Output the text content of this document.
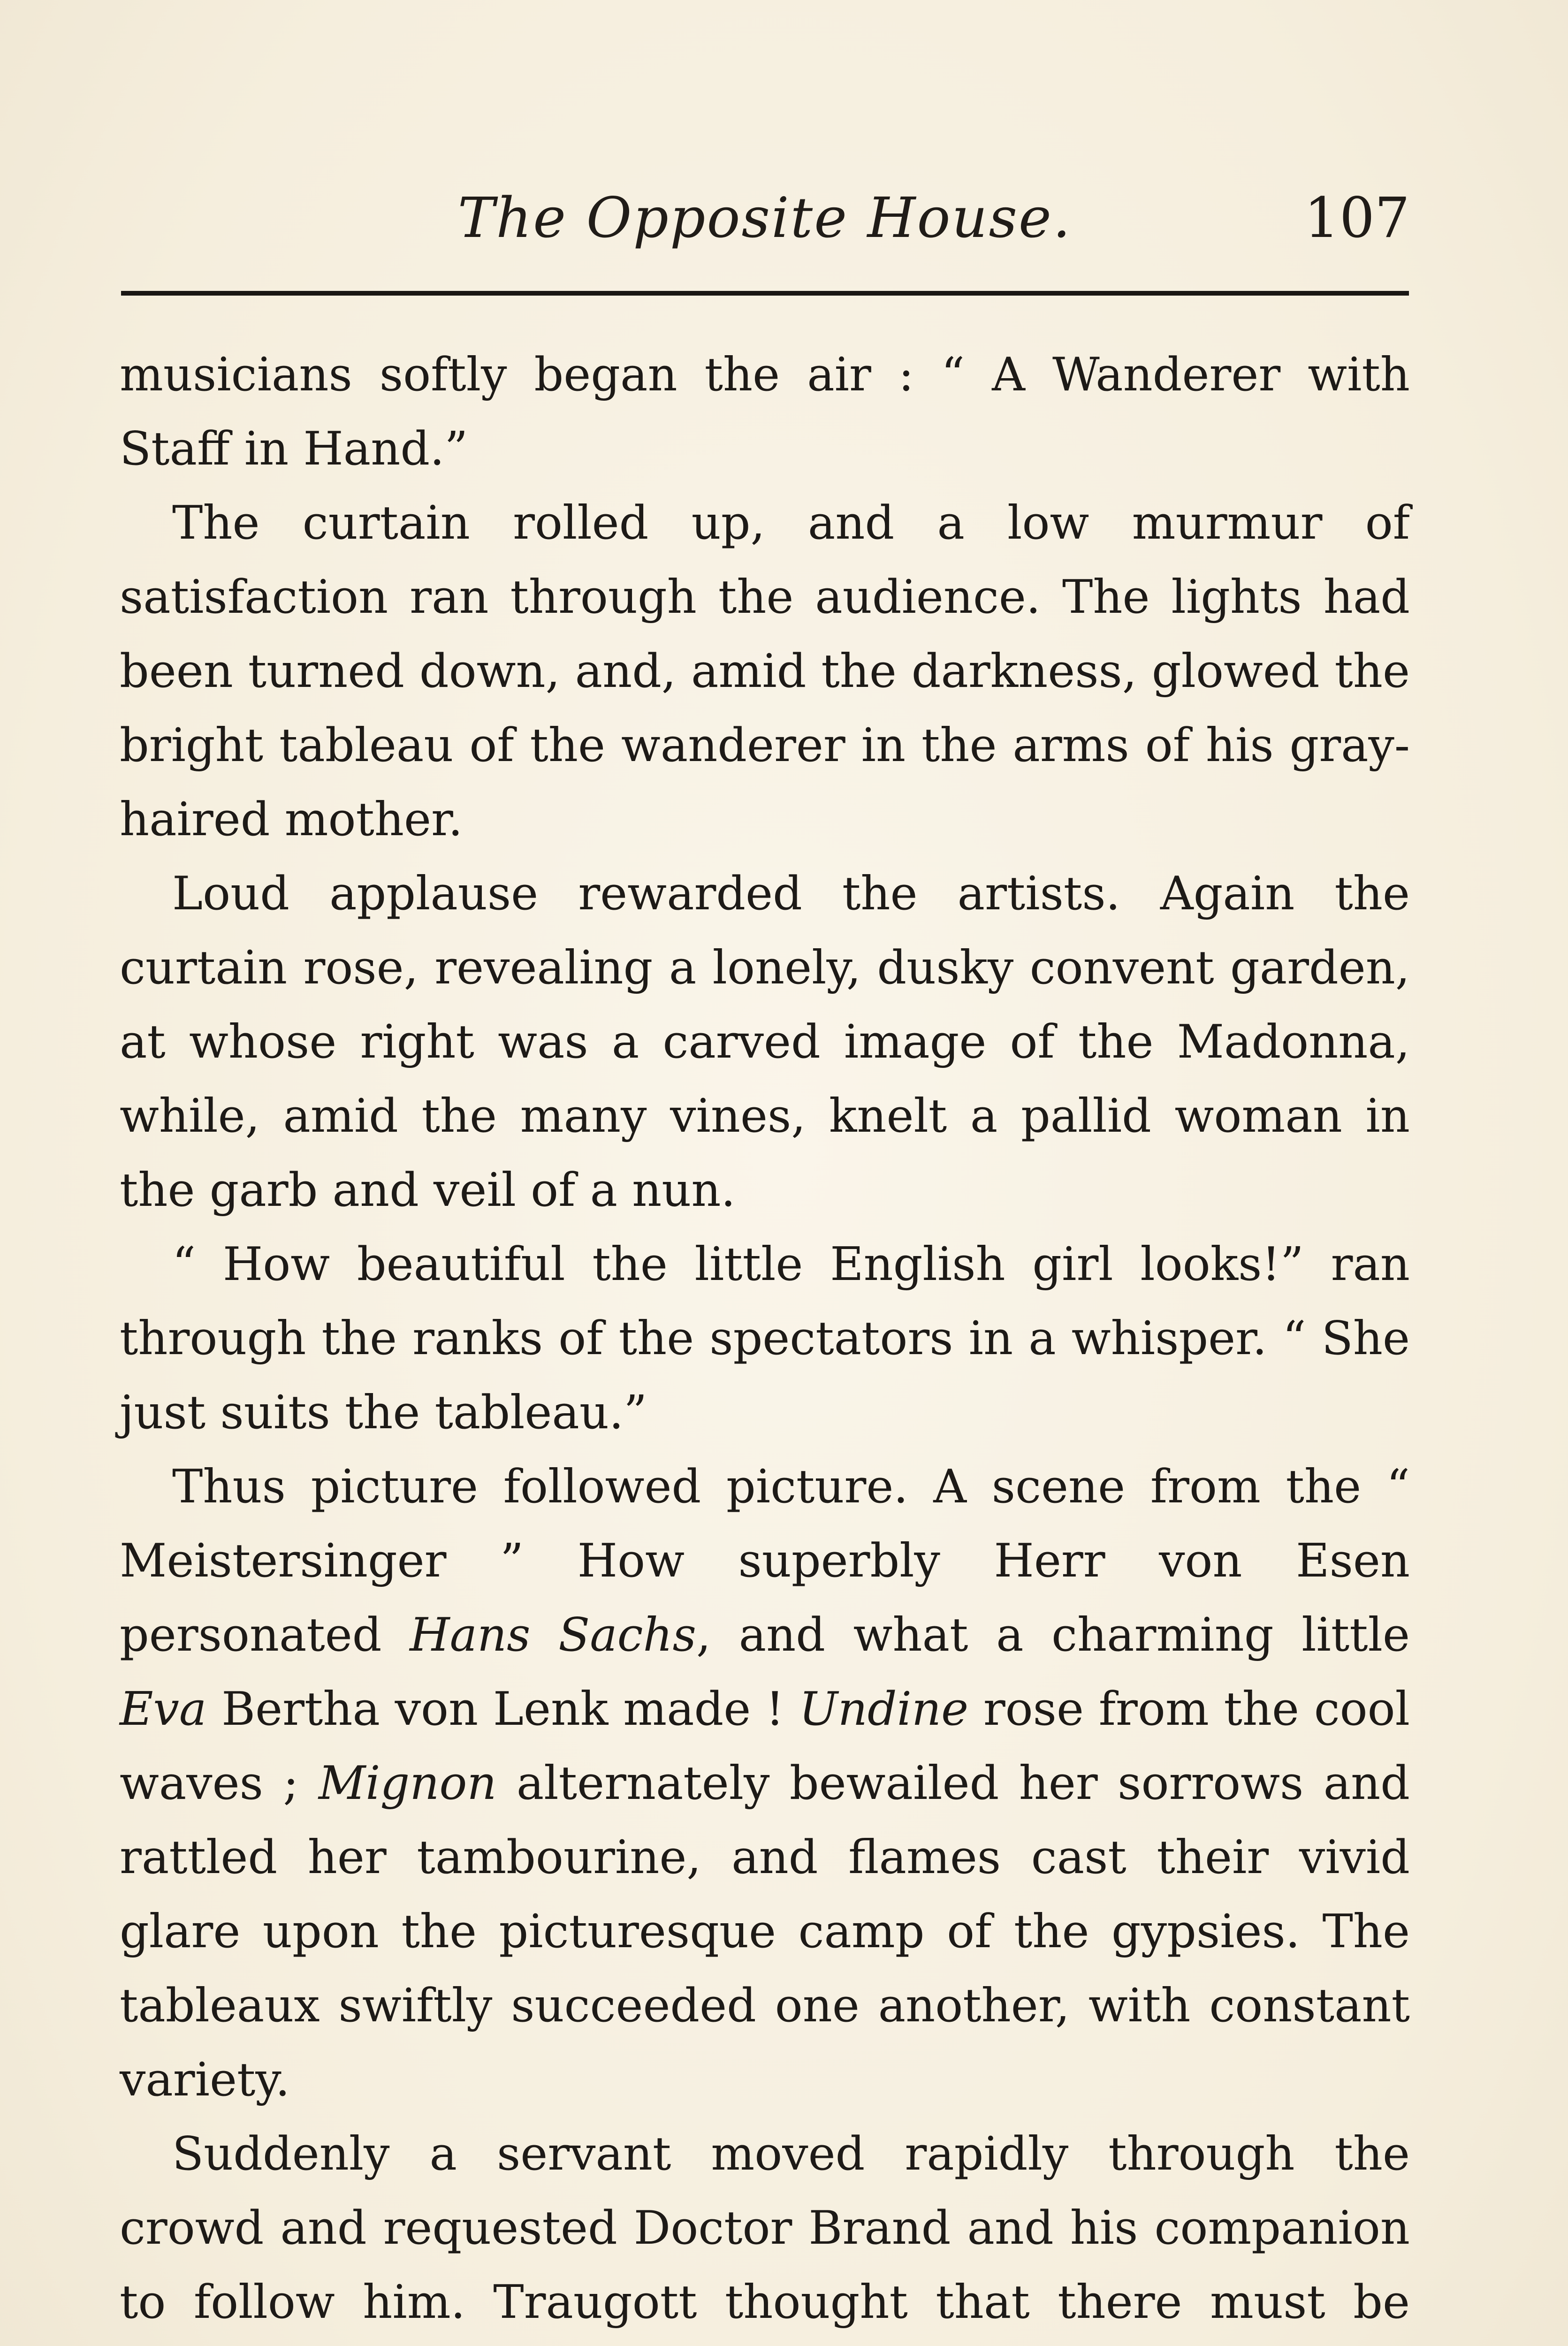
The Opposite House.	107

musicians softly began the air : “ A Wanderer with Staff in Hand.”

The curtain rolled up, and a low murmur of satisfaction ran through the audience. The lights had been turned down, and, amid the darkness, glowed the bright tableau of the wanderer in the arms of his gray-haired mother.

Loud applause rewarded the artists. Again the curtain rose, revealing a lonely, dusky convent garden, at whose right was a carved image of the Madonna, while, amid the many vines, knelt a pallid woman in the garb and veil of a nun.

“ How beautiful the little English girl looks!” ran through the ranks of the spectators in a whisper. “ She just suits the tableau.”

Thus picture followed picture. A scene from the “ Meistersinger ” How superbly Herr von Esen personated Hans Sachs, and what a charming little Eva Bertha von Lenk made ! Undine rose from the cool waves ; Mignon alternately bewailed her sorrows and rattled her tambourine, and flames cast their vivid glare upon the picturesque camp of the gypsies. The tableaux swiftly succeeded one another, with constant variety.

Suddenly a servant moved rapidly through the crowd and requested Doctor Brand and his companion to follow him. Traugott thought that there must be
